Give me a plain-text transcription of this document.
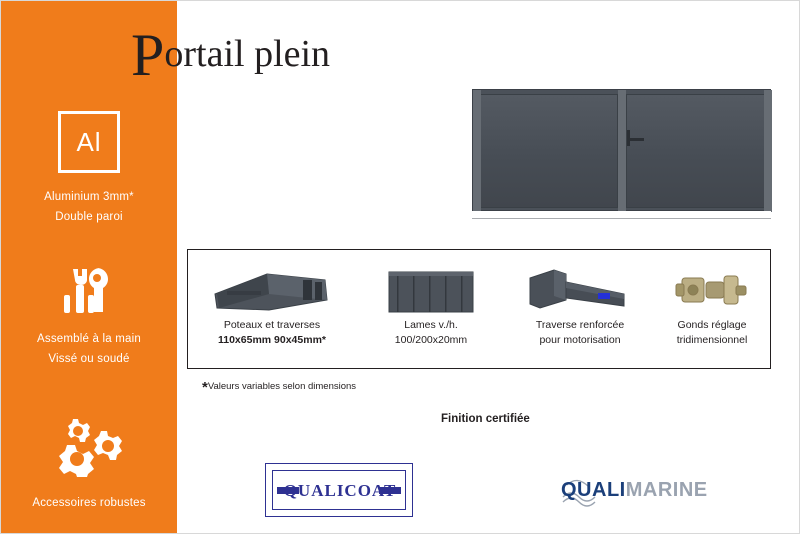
Al
Aluminium 3mm*
Double paroi
Assemblé à la main
Vissé ou soudé
Accessoires robustes
Portail plein
Poteaux et traverses
110x65mm 90x45mm*
Lames v./h.
100/200x20mm
Traverse renforcée
pour motorisation
Gonds réglage
tridimensionnel
*Valeurs variables selon dimensions
Finition certifiée
QUALICOAT	QUALIMARINE
